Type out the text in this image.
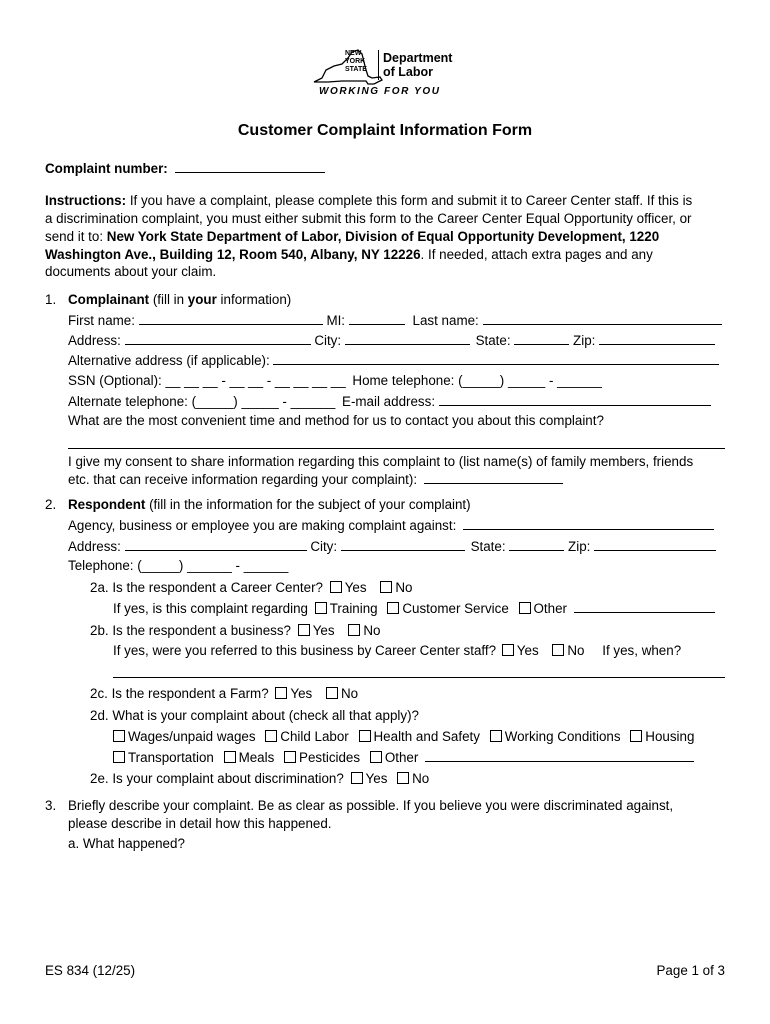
NEW
YORK
STATE
Department
of Labor
WORKING FOR YOU
Customer Complaint Information Form
Complaint number:
Instructions: If you have a complaint, please complete this form and submit it to Career Center staff. If this is
a discrimination complaint, you must either submit this form to the Career Center Equal Opportunity officer, or
send it to: New York State Department of Labor, Division of Equal Opportunity Development, 1220
Washington Ave., Building 12, Room 540, Albany, NY 12226. If needed, attach extra pages and any
documents about your claim.
1. Complainant (fill in your information)
First name:	MI:	Last name:
Address:	City:	State:	Zip:
Alternative address (if applicable):
SSN (Optional): __ __ __ - __ __ - __ __ __ __ Home telephone: (_____) _____ - ______
Alternate telephone: (_____) _____ - ______ E-mail address:
What are the most convenient time and method for us to contact you about this complaint?
I give my consent to share information regarding this complaint to (list name(s) of family members, friends
etc. that can receive information regarding your complaint):
2. Respondent (fill in the information for the subject of your complaint)
Agency, business or employee you are making complaint against:
Address:	City:	State:	Zip:
Telephone: (_____) ______ - ______
2a. Is the respondent a Career Center? Yes No
If yes, is this complaint regarding Training Customer Service Other
2b. Is the respondent a business? Yes No
If yes, were you referred to this business by Career Center staff? Yes No If yes, when?
2c. Is the respondent a Farm? Yes No
2d. What is your complaint about (check all that apply)?
Wages/unpaid wages Child Labor Health and Safety Working Conditions Housing
Transportation Meals Pesticides Other
2e. Is your complaint about discrimination? Yes No
3. Briefly describe your complaint. Be as clear as possible. If you believe you were discriminated against,
please describe in detail how this happened.
a. What happened?
ES 834 (12/25)	Page 1 of 3
